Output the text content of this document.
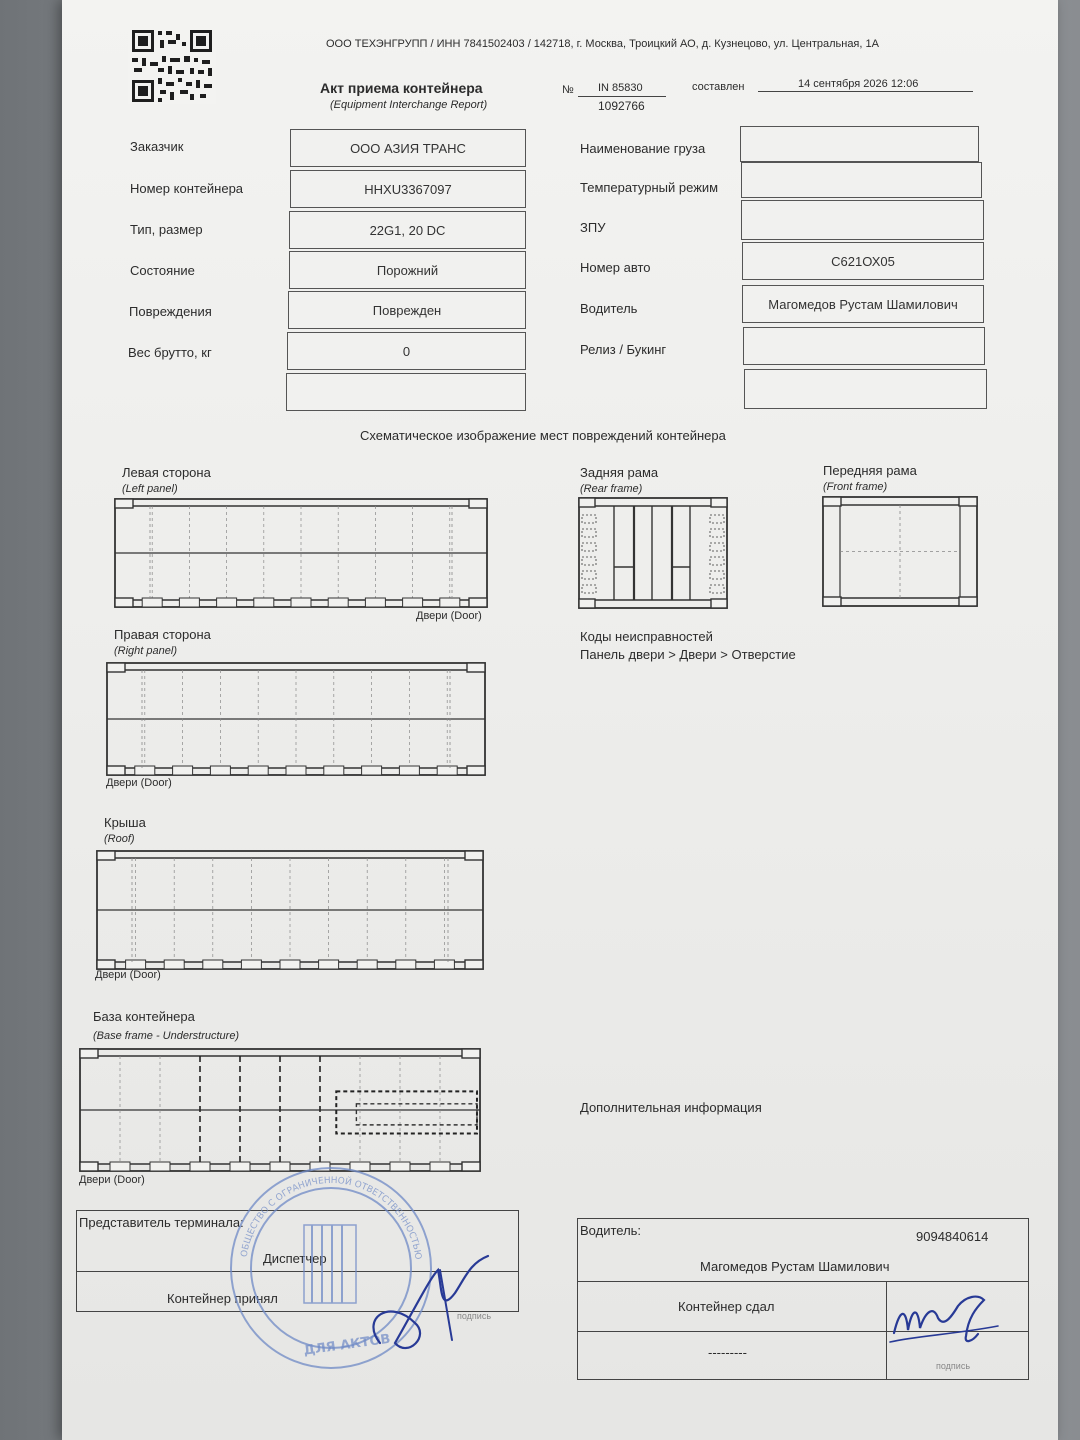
ООО ТЕХЭНГРУПП / ИНН 7841502403 / 142718, г. Москва, Троицкий АО, д. Кузнецово, ул. Центральная, 1А
Акт приема контейнера
(Equipment Interchange Report)
№ IN 85830
1092766
составлен	14 сентября 2026 12:06
Заказчик	ООО АЗИЯ ТРАНС
Номер контейнера	HHXU3367097
Тип, размер	22G1, 20 DC
Состояние	Порожний
Повреждения	Поврежден
Вес брутто, кг	0
Наименование груза
Температурный режим
ЗПУ
Номер авто	С621ОХ05
Водитель	Магомедов Рустам Шамилович
Релиз / Букинг
Схематическое изображение мест повреждений контейнера
Левая сторона
(Left panel)
Двери (Door)
Задняя рама
(Rear frame)
Передняя рама
(Front frame)
Правая сторона
(Right panel)
Двери (Door)
Коды неисправностей
Панель двери > Двери > Отверстие
Крыша
(Roof)
Двери (Door)
База контейнера
(Base frame - Understructure)
Двери (Door)
Дополнительная информация
Представитель терминала:
Диспетчер
Контейнер принял
подпись
Водитель:	9094840614
Магомедов Рустам Шамилович
Контейнер сдал
---------
подпись
ОБЩЕСТВО С ОГРАНИЧЕННОЙ ОТВЕТСТВЕННОСТЬЮ
ДЛЯ АКТОВ
